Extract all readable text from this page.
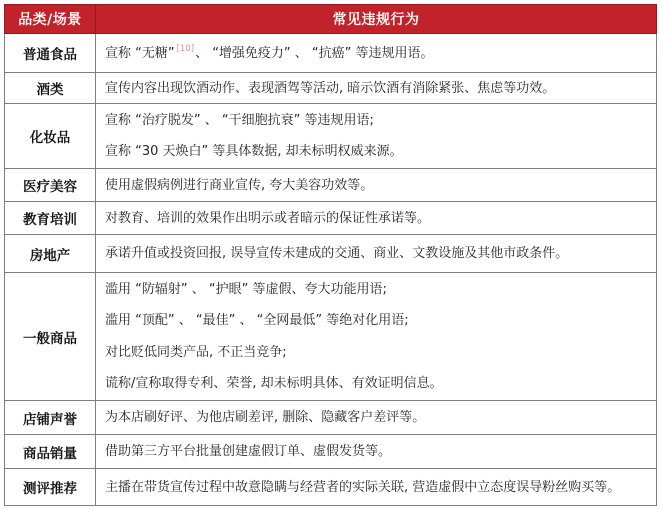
品类/场景	常见违规行为
普通食品	宣称 “无糖” [10]、 “增强免疫力” 、 “抗癌” 等违规用语。
酒类	宣传内容出现饮酒动作、表现酒驾等活动, 暗示饮酒有消除紧张、焦虑等功效。

化妆品	宣称 “治疗脱发” 、 “干细胞抗衰” 等违规用语;
宣称 “30 天焕白” 等具体数据, 却未标明权威来源。

医疗美容	使用虚假病例进行商业宣传, 夸大美容功效等。

教育培训	对教育、培训的效果作出明示或者暗示的保证性承诺等。

房地产	承诺升值或投资回报, 误导宣传未建成的交通、商业、文教设施及其他市政条件。

一般商品	滥用 “防辐射” 、 “护眼” 等虚假、夸大功能用语;
滥用 “顶配” 、 “最佳” 、 “全网最低” 等绝对化用语;
对比贬低同类产品, 不正当竞争;
谎称/宣称取得专利、荣誉, 却未标明具体、有效证明信息。

店铺声誉	为本店刷好评、为他店刷差评, 删除、隐藏客户差评等。

商品销量	借助第三方平台批量创建虚假订单、虚假发货等。

测评推荐	主播在带货宣传过程中故意隐瞒与经营者的实际关联, 营造虚假中立态度误导粉丝购买等。
